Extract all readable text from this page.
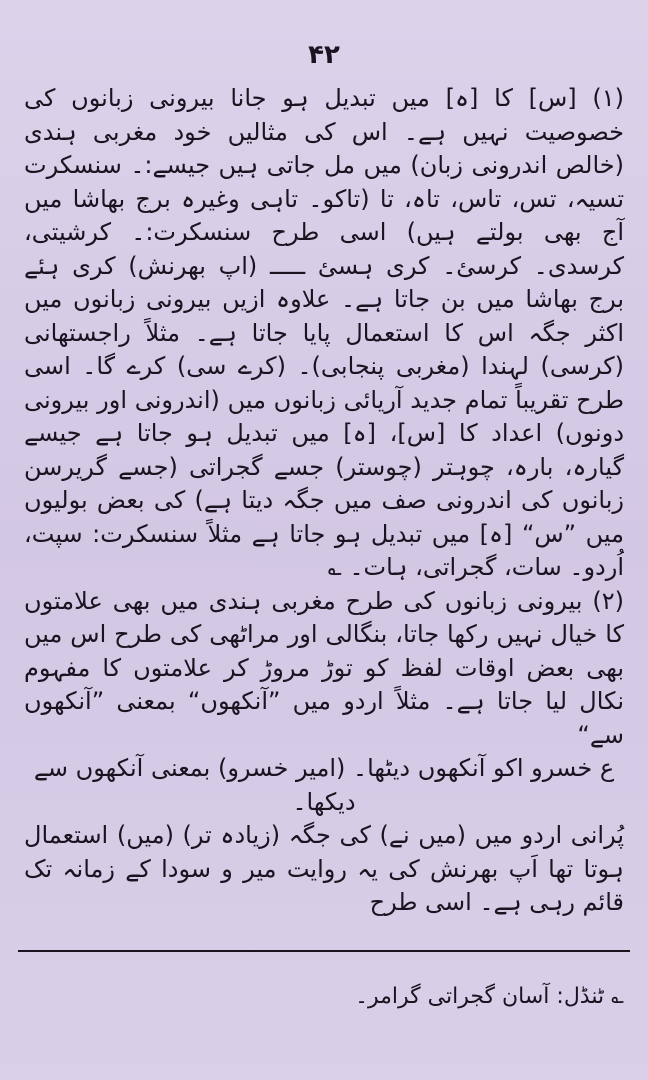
۴۲

(۱) [س] کا [ہ] میں تبدیل ہو جانا بیرونی زبانوں کی خصوصیت نہیں ہے۔ اس کی مثالیں خود مغربی ہندی (خالص اندرونی زبان) میں مل جاتی ہیں جیسے:۔ سنسکرت تسیہ، تس، تاس، تاہ، تا (تاکو۔ تاہی وغیرہ برج بھاشا میں آج بھی بولتے ہیں) اسی طرح سنسکرت:۔ کرشیتی، کرسدی۔ کرسئ۔ کری ہسئ ـــــ (اپ بھرنش) کری ہئے برج بھاشا میں بن جاتا ہے۔ علاوہ ازیں بیرونی زبانوں میں اکثر جگہ اس کا استعمال پایا جاتا ہے۔ مثلاً راجستھانی (کرسی) لہندا (مغربی پنجابی)۔ (کرے سی) کرے گا۔ اسی طرح تقریباً تمام جدید آریائی زبانوں میں (اندرونی اور بیرونی دونوں) اعداد کا [س]، [ہ] میں تبدیل ہو جاتا ہے جیسے گیارہ، بارہ، چوہتر (چوستر) جسے گجراتی (جسے گریرسن زبانوں کی اندرونی صف میں جگہ دیتا ہے) کی بعض بولیوں میں ”س“ [ہ] میں تبدیل ہو جاتا ہے مثلاً سنسکرت: سپت، اُردو۔ سات، گجراتی، ہات۔ ؎

(۲) بیرونی زبانوں کی طرح مغربی ہندی میں بھی علامتوں کا خیال نہیں رکھا جاتا، بنگالی اور مراٹھی کی طرح اس میں بھی بعض اوقات لفظ کو توڑ مروڑ کر علامتوں کا مفہوم نکال لیا جاتا ہے۔ مثلاً اردو میں ”آنکھوں“ بمعنی ”آنکھوں سے“

ع خسرو اکو آنکھوں دیٹھا۔ (امیر خسرو) بمعنی آنکھوں سے دیکھا۔

پُرانی اردو میں (میں نے) کی جگہ (زیادہ تر) (میں) استعمال ہوتا تھا اَپ بھرنش کی یہ روایت میر و سودا کے زمانہ تک قائم رہی ہے۔ اسی طرح

؎ ٹنڈل: آسان گجراتی گرامر۔
